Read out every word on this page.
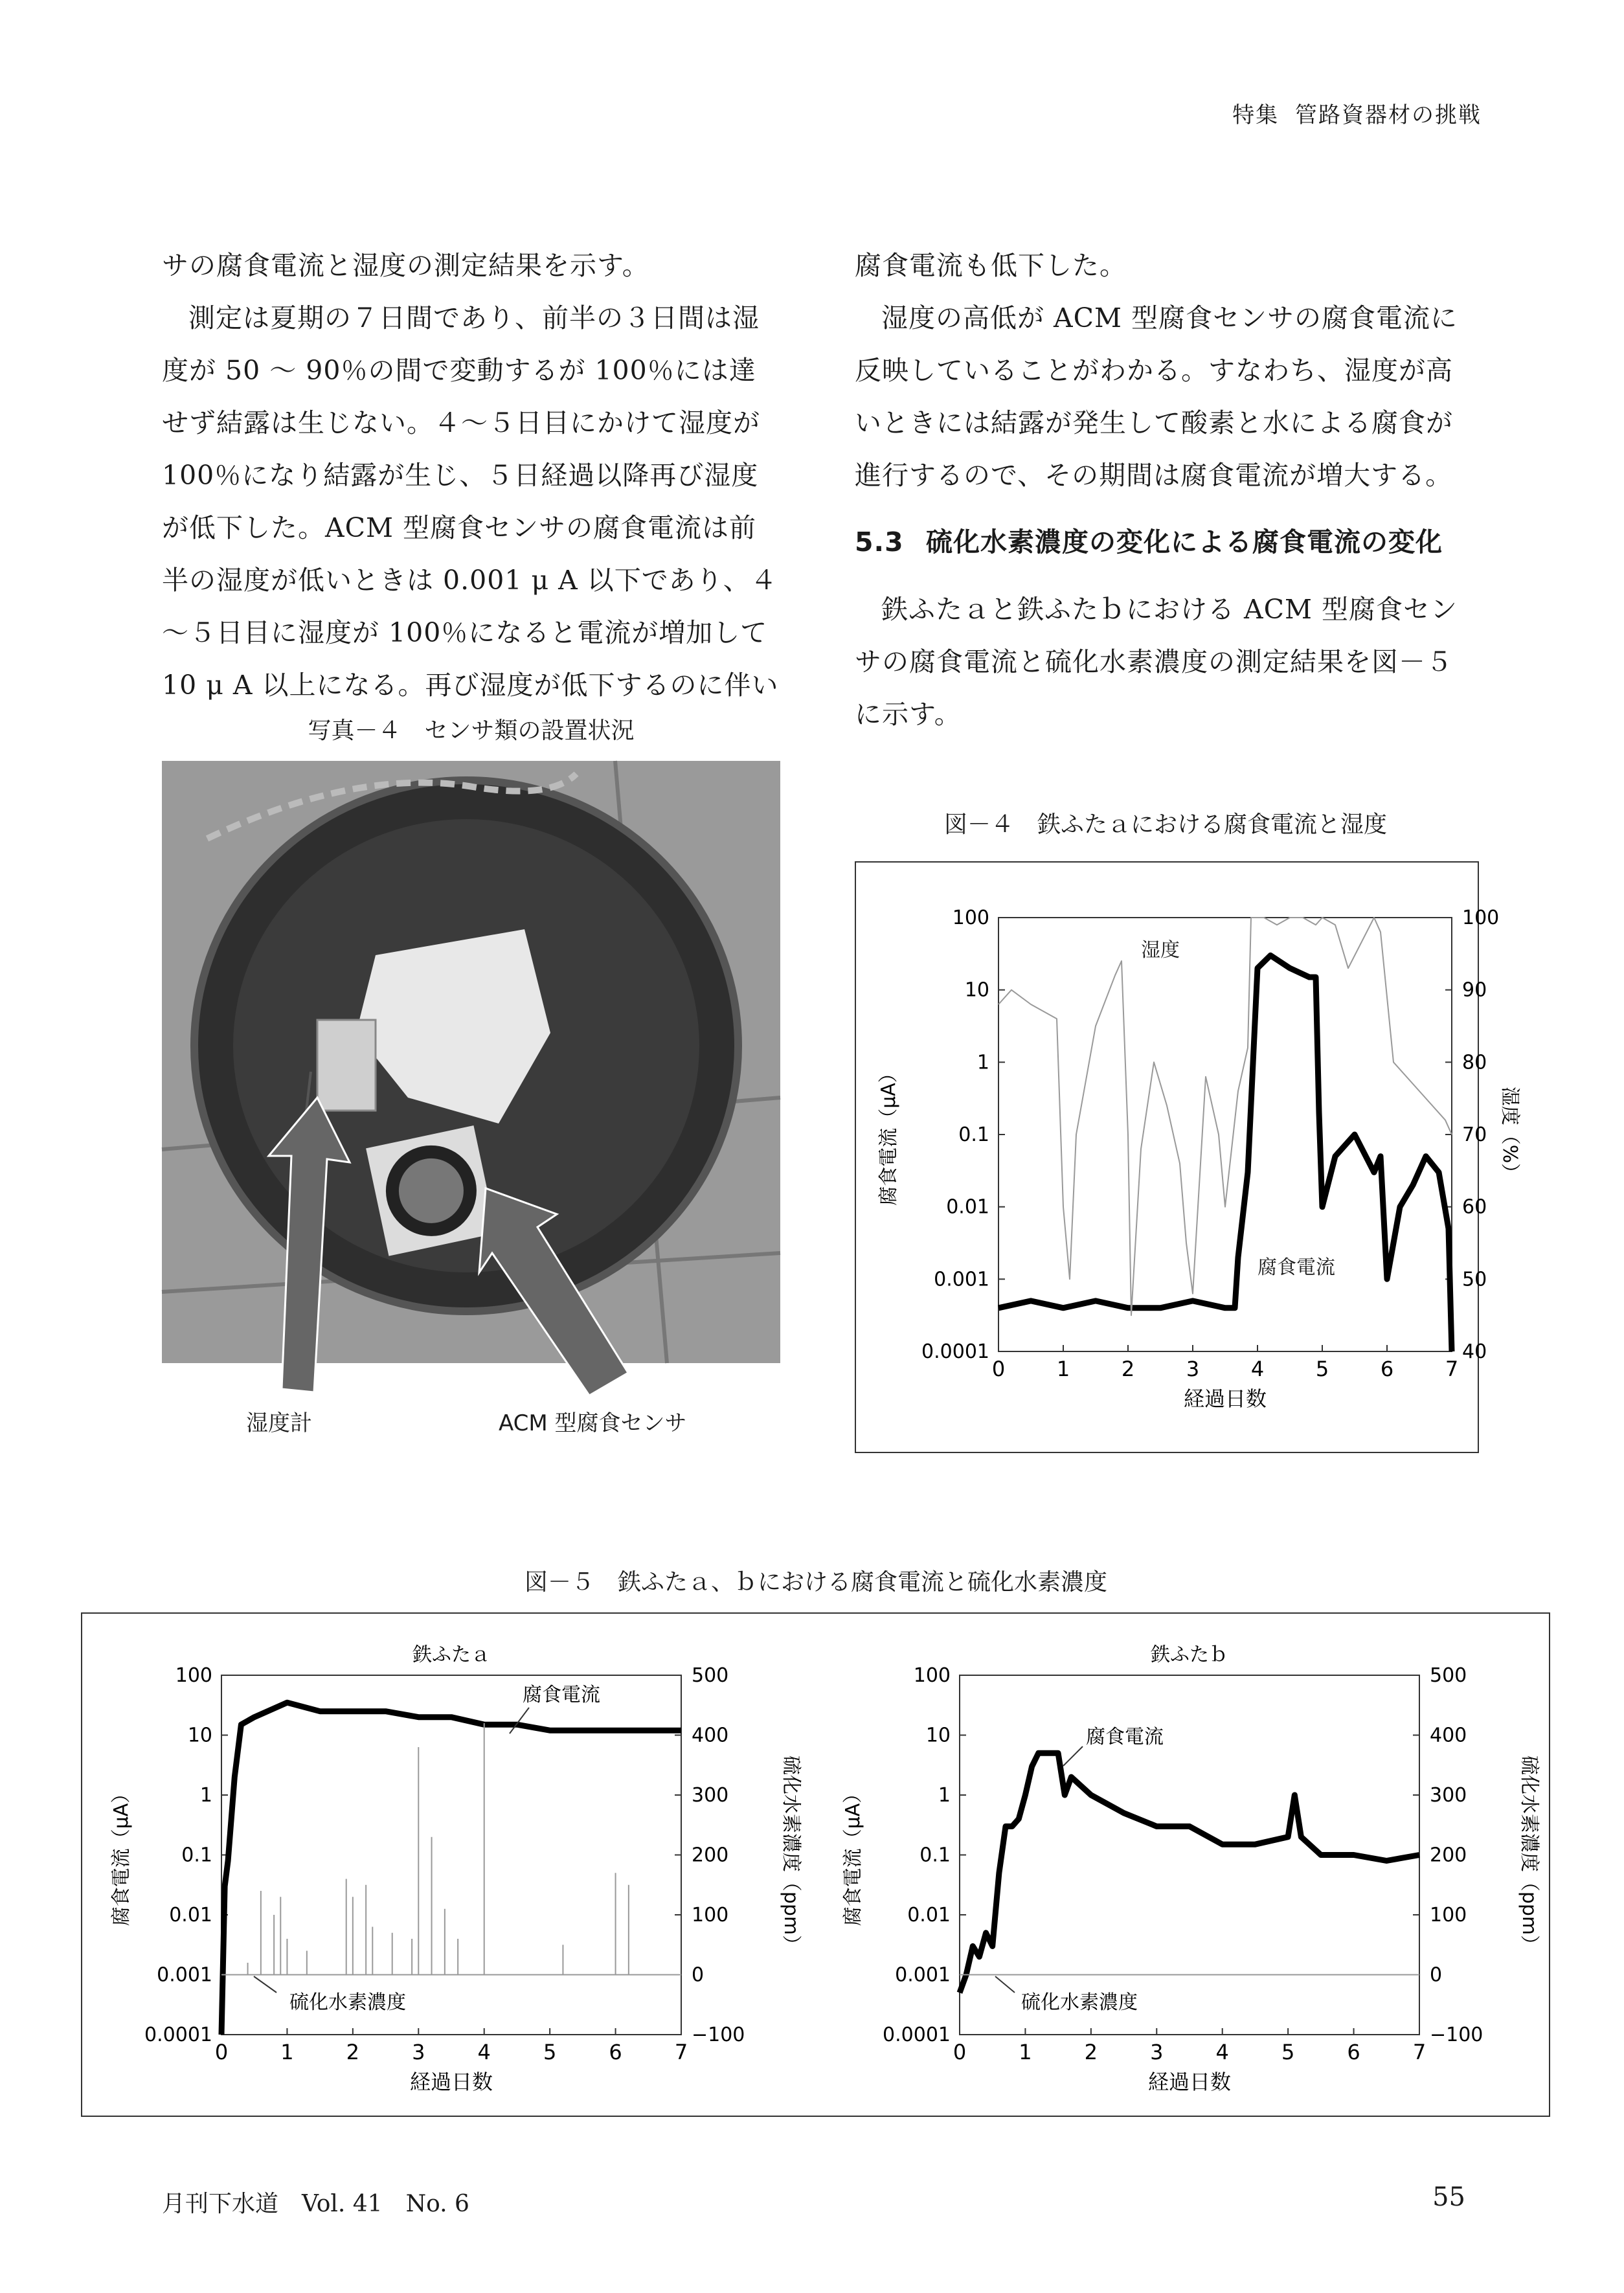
特集 管路資器材の挑戦

サの腐食電流と湿度の測定結果を示す。

測定は夏期の７日間であり、前半の３日間は湿度が 50 ～ 90％の間で変動するが 100％には達せず結露は生じない。４～５日目にかけて湿度が 100％になり結露が生じ、５日経過以降再び湿度が低下した。ACM 型腐食センサの腐食電流は前半の湿度が低いときは 0.001 μ A 以下であり、４～５日目に湿度が 100％になると電流が増加して 10 μ A 以上になる。再び湿度が低下するのに伴い

腐食電流も低下した。

湿度の高低が ACM 型腐食センサの腐食電流に反映していることがわかる。すなわち、湿度が高いときには結露が発生して酸素と水による腐食が進行するので、その期間は腐食電流が増大する。

5.3 硫化水素濃度の変化による腐食電流の変化

鉄ふたａと鉄ふたｂにおける ACM 型腐食センサの腐食電流と硫化水素濃度の測定結果を図－５に示す。

写真－４　センサ類の設置状況
湿度計	ACM 型腐食センサ
図－４　鉄ふたａにおける腐食電流と湿度
0 1 2 3 4 5 6 7
100
10
1
0.1
0.01
0.001
0.0001
100
90
80
70
60
50
40
経過日数
腐食電流（μA）	湿度（%）
湿度
腐食電流
図－５　鉄ふたａ、ｂにおける腐食電流と硫化水素濃度
鉄ふたａ
0	1	2	3	4	5	6	7
100
10
1
0.1
0.01
0.001
0.0001
500
400
300
200
100
0
−100
経過日数
腐食電流（μA）	硫化水素濃度（ppm）
腐食電流
硫化水素濃度
鉄ふたｂ
0	1	2	3	4	5	6	7
100
10
1
0.1
0.01
0.001
0.0001
500
400
300
200
100
0
−100
経過日数
腐食電流（μA）	硫化水素濃度（ppm）
腐食電流
硫化水素濃度
月刊下水道　Vol. 41　No. 6	55
